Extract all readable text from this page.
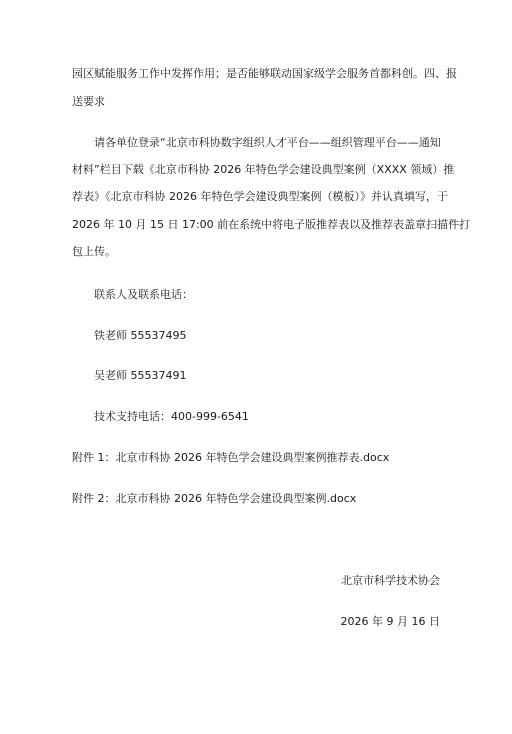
园区赋能服务工作中发挥作用；是否能够联动国家级学会服务首都科创。四、报
送要求
请各单位登录“北京市科协数字组织人才平台——组织管理平台——通知
材料”栏目下载《北京市科协 2026 年特色学会建设典型案例（XXXX 领域）推
荐表》《北京市科协 2026 年特色学会建设典型案例（模板）》并认真填写，于
2026 年 10 月 15 日 17:00 前在系统中将电子版推荐表以及推荐表盖章扫描件打
包上传。
联系人及联系电话：
铁老师 55537495
吴老师 55537491
技术支持电话：400-999-6541
附件 1：北京市科协 2026 年特色学会建设典型案例推荐表.docx
附件 2：北京市科协 2026 年特色学会建设典型案例.docx
北京市科学技术协会
2026 年 9 月 16 日
